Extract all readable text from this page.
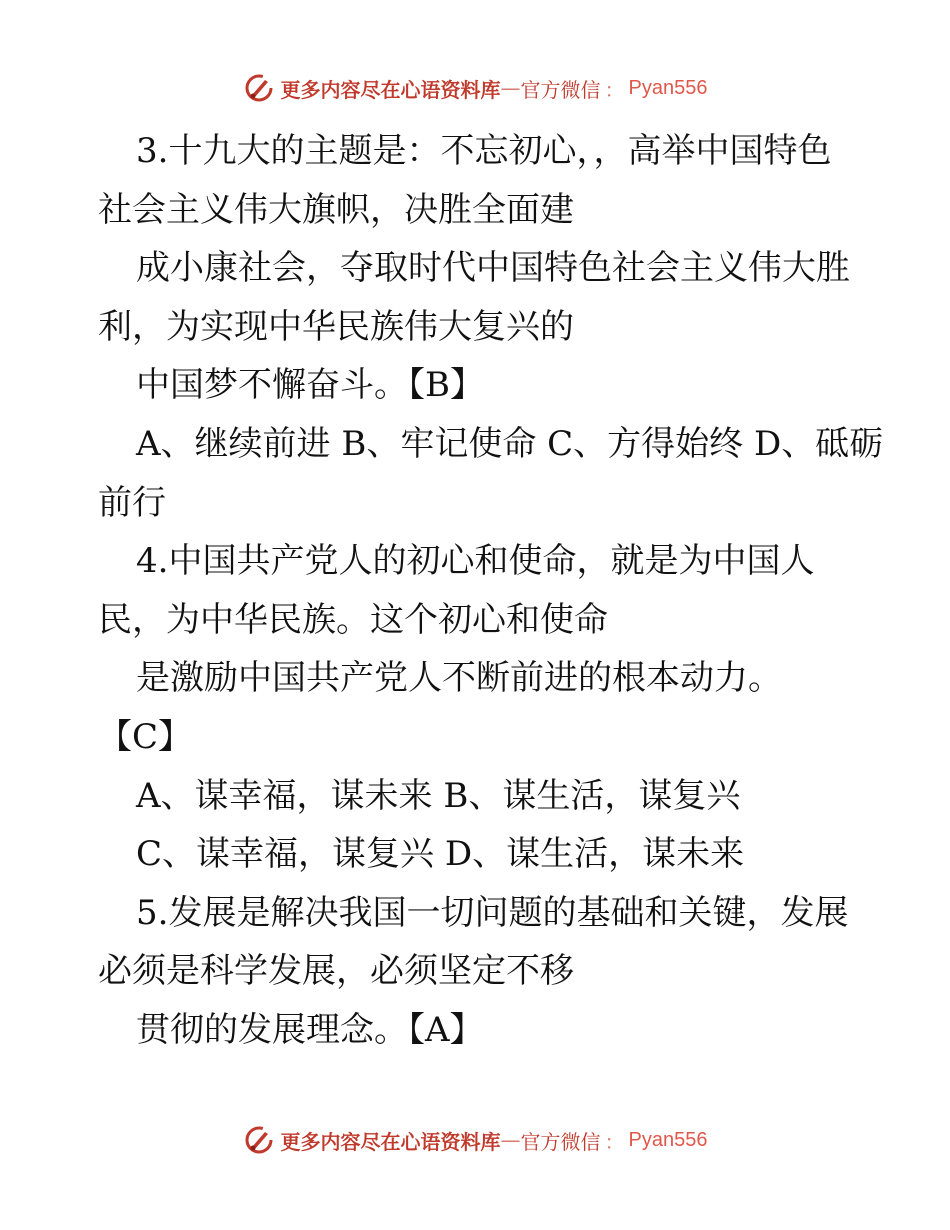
更多内容尽在心语资料库 — 官方微信 ： Pyan556
3.十九大的主题是：不忘初心，，高举中国特色
社会主义伟大旗帜，决胜全面建
成小康社会，夺取时代中国特色社会主义伟大胜
利，为实现中华民族伟大复兴的
中国梦不懈奋斗。【B】
A、继续前进 B、牢记使命 C、方得始终 D、砥砺
前行
4.中国共产党人的初心和使命，就是为中国人
民，为中华民族。这个初心和使命
是激励中国共产党人不断前进的根本动力。
【C】
A、谋幸福，谋未来 B、谋生活，谋复兴
C、谋幸福，谋复兴 D、谋生活，谋未来
5.发展是解决我国一切问题的基础和关键，发展
必须是科学发展，必须坚定不移
贯彻的发展理念。【A】
更多内容尽在心语资料库 — 官方微信 ： Pyan556
